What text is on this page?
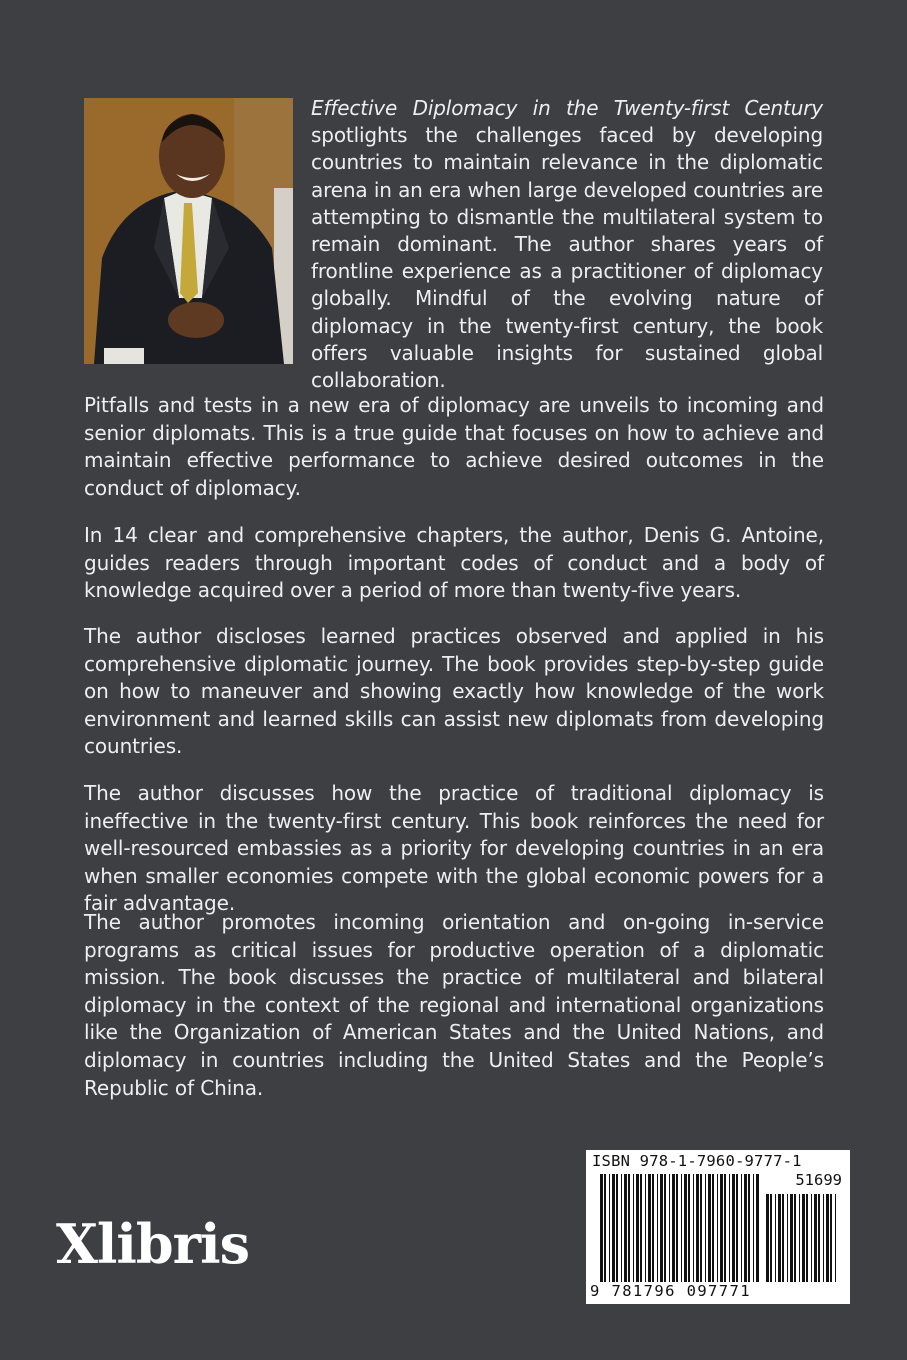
Effective Diplomacy in the Twenty-first Century spotlights the challenges faced by developing countries to maintain relevance in the diplomatic arena in an era when large developed countries are attempting to dismantle the multilateral system to remain dominant. The author shares years of frontline experience as a practitioner of diplomacy globally. Mindful of the evolving nature of diplomacy in the twenty-first century, the book offers valuable insights for sustained global collaboration.

Pitfalls and tests in a new era of diplomacy are unveils to incoming and senior diplomats. This is a true guide that focuses on how to achieve and maintain effective performance to achieve desired outcomes in the conduct of diplomacy.

In 14 clear and comprehensive chapters, the author, Denis G. Antoine, guides readers through important codes of conduct and a body of knowledge acquired over a period of more than twenty-five years.

The author discloses learned practices observed and applied in his comprehensive diplomatic journey. The book provides step-by-step guide on how to maneuver and showing exactly how knowledge of the work environment and learned skills can assist new diplomats from developing countries.

The author discusses how the practice of traditional diplomacy is ineffective in the twenty-first century. This book reinforces the need for well-resourced embassies as a priority for developing countries in an era when smaller economies compete with the global economic powers for a fair advantage.

The author promotes incoming orientation and on-going in-service programs as critical issues for productive operation of a diplomatic mission. The book discusses the practice of multilateral and bilateral diplomacy in the context of the regional and international organizations like the Organization of American States and the United Nations, and diplomacy in countries including the United States and the People’s Republic of China.

Xlibris
ISBN 978-1-7960-9777-1
51699
9 781796 097771
